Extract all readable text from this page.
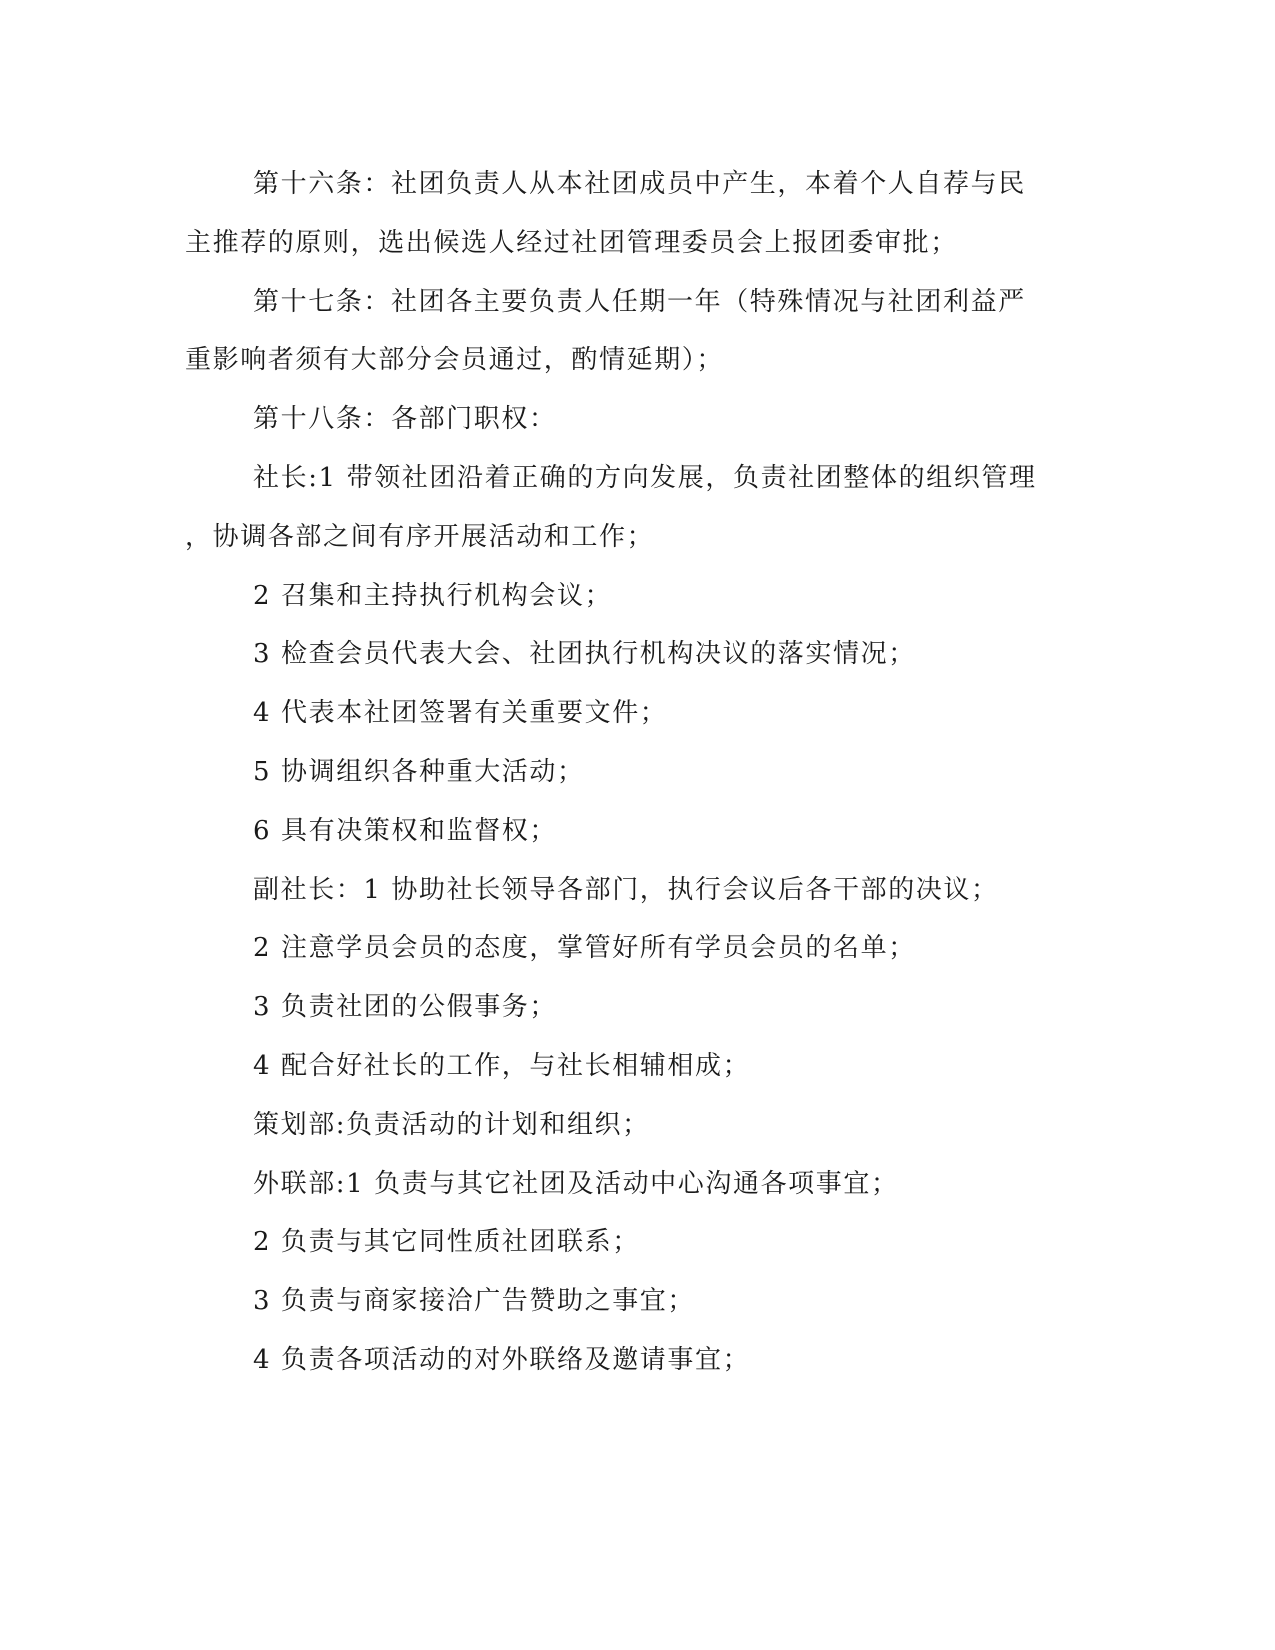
第十六条：社团负责人从本社团成员中产生，本着个人自荐与民
主推荐的原则，选出候选人经过社团管理委员会上报团委审批；
第十七条：社团各主要负责人任期一年（特殊情况与社团利益严
重影响者须有大部分会员通过，酌情延期）；
第十八条：各部门职权：
社长:1 带领社团沿着正确的方向发展，负责社团整体的组织管理
，协调各部之间有序开展活动和工作；
2 召集和主持执行机构会议；
3 检查会员代表大会、社团执行机构决议的落实情况；
4 代表本社团签署有关重要文件；
5 协调组织各种重大活动；
6 具有决策权和监督权；
副社长：1 协助社长领导各部门，执行会议后各干部的决议；
2 注意学员会员的态度，掌管好所有学员会员的名单；
3 负责社团的公假事务；
4 配合好社长的工作，与社长相辅相成；
策划部:负责活动的计划和组织；
外联部:1 负责与其它社团及活动中心沟通各项事宜；
2 负责与其它同性质社团联系；
3 负责与商家接洽广告赞助之事宜；
4 负责各项活动的对外联络及邀请事宜；
